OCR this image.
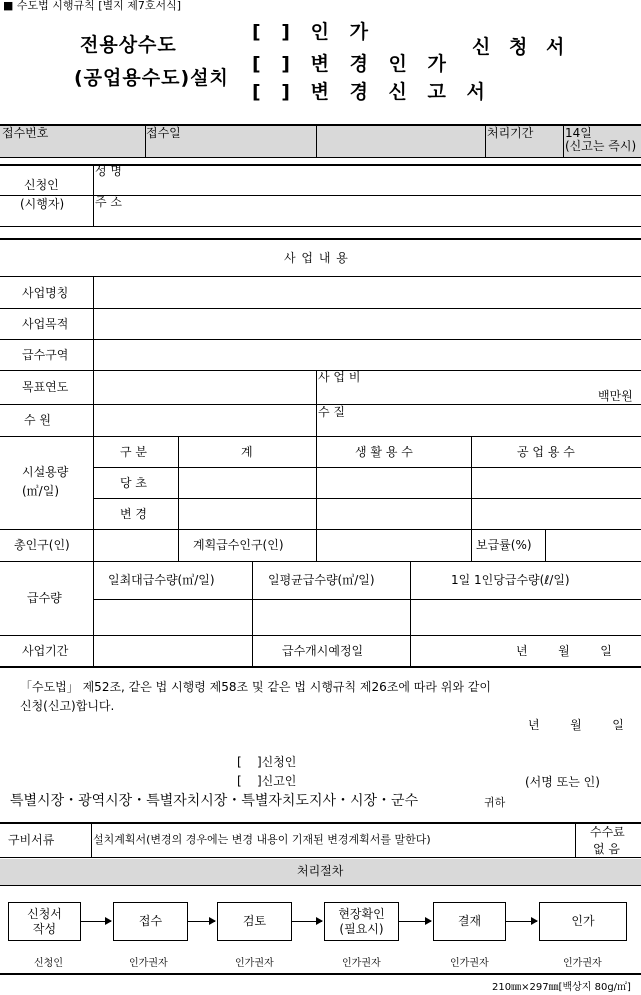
■ 수도법 시행규칙 [별지 제7호서식]
전용상수도
(공업용수도)설치
[ ] 인 가
[ ] 변 경 인 가
[ ] 변 경 신 고 서
신 청 서
접수번호	접수일	처리기간	14일
(신고는 즉시)
신청인
(시행자)
성 명
주 소
사 업 내 용
사업명칭
사업목적
급수구역
목표연도
사 업 비
백만원
수 원
수 질
시설용량
(㎥/일)
구 분	계	생 활 용 수	공 업 용 수
당 초
변 경
총인구(인)	계획급수인구(인)	보급률(%)
급수량
일최대급수량(㎥/일)	일평균급수량(㎥/일)	1일 1인당급수량(ℓ/일)
사업기간	급수개시예정일	년        월        일
「수도법」 제52조, 같은 법 시행령 제58조 및 같은 법 시행규칙 제26조에 따라 위와 같이
신청(신고)합니다.
년        월        일
[    ]신청인
[    ]신고인	(서명 또는 인)
특별시장・광역시장・특별자치시장・특별자치도지사・시장・군수	귀하
구비서류	설치계획서(변경의 경우에는 변경 내용이 기재된 변경계획서를 말한다)
수수료
없 음
처리절차
신청서
작성
접수	검토
현장확인
(필요시)
결재	인가
신청인	인가권자	인가권자	인가권자	인가권자	인가권자
210㎜×297㎜[백상지 80g/㎡]
